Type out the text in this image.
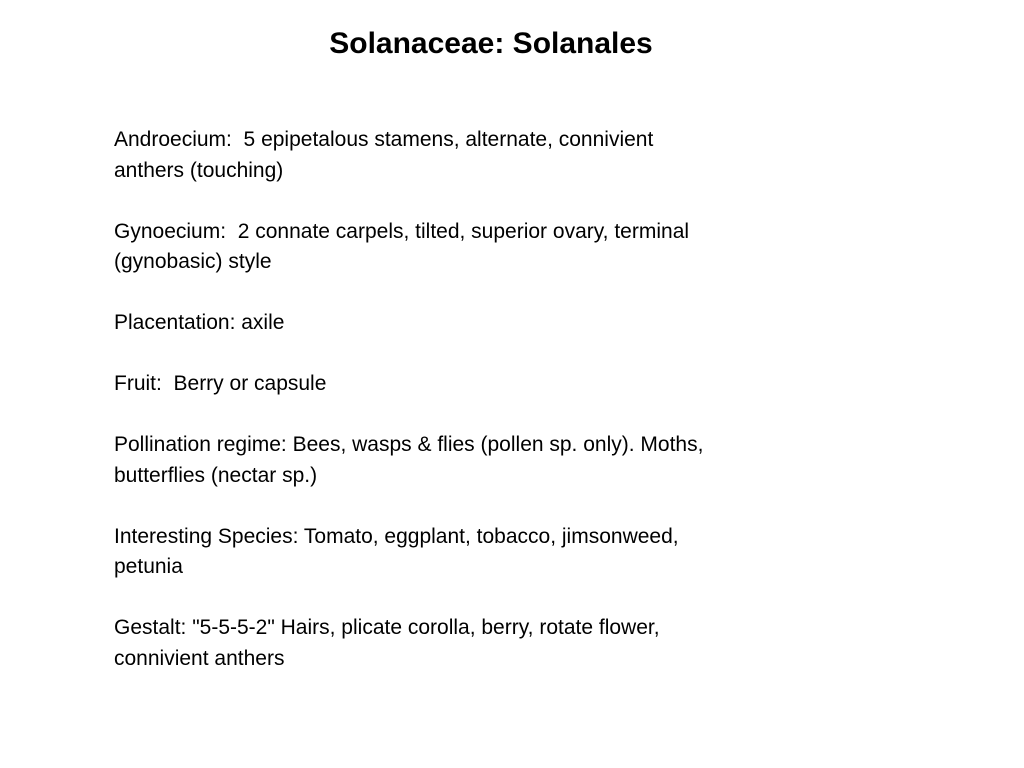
Solanaceae: Solanales
Androecium:  5 epipetalous stamens, alternate, connivient
anthers (touching)
Gynoecium:  2 connate carpels, tilted, superior ovary, terminal
(gynobasic) style
Placentation: axile
Fruit:  Berry or capsule
Pollination regime: Bees, wasps & flies (pollen sp. only). Moths,
butterflies (nectar sp.)
Interesting Species: Tomato, eggplant, tobacco, jimsonweed,
petunia
Gestalt: "5-5-5-2" Hairs, plicate corolla, berry, rotate flower,
connivient anthers
